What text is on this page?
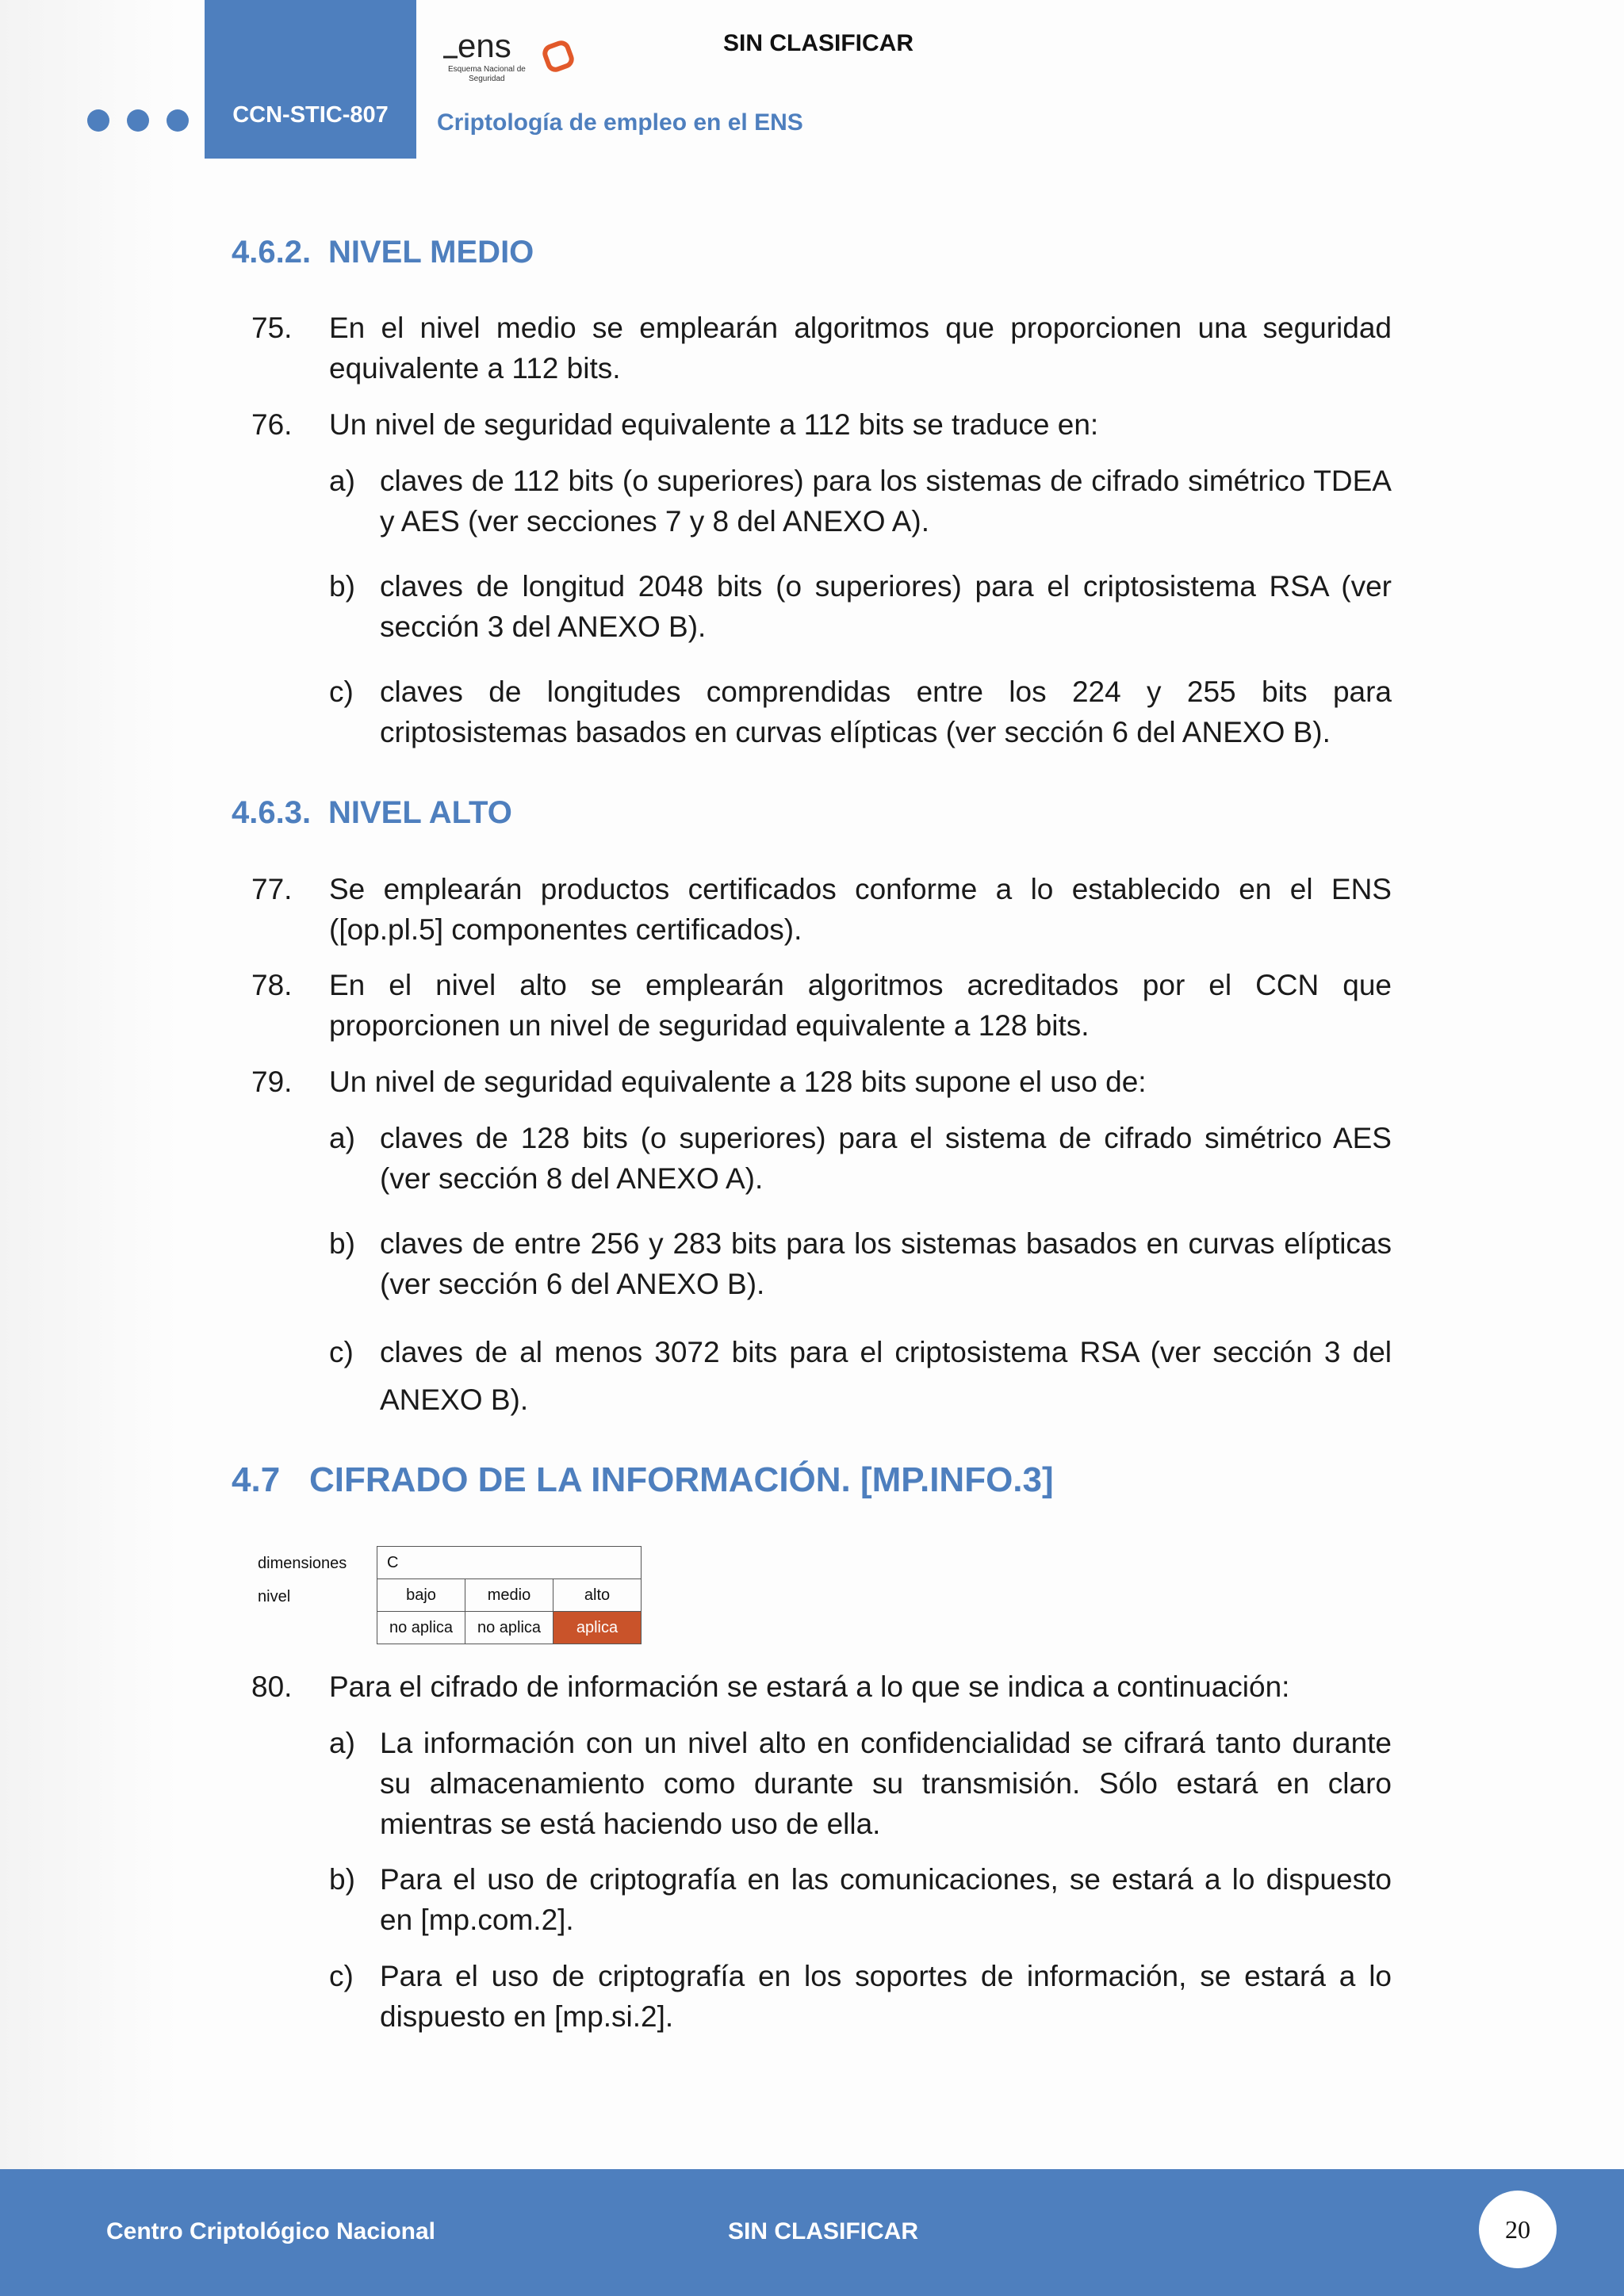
CCN-STIC-807
ens
Esquema Nacional de
Seguridad
SIN CLASIFICAR
Criptología de empleo en el ENS
4.6.2. NIVEL MEDIO
75. En el nivel medio se emplearán algoritmos que proporcionen una seguridad equivalente a 112 bits.
76. Un nivel de seguridad equivalente a 112 bits se traduce en:
a) claves de 112 bits (o superiores) para los sistemas de cifrado simétrico TDEA y AES (ver secciones 7 y 8 del ANEXO A).
b) claves de longitud 2048 bits (o superiores) para el criptosistema RSA (ver sección 3 del ANEXO B).
c) claves de longitudes comprendidas entre los 224 y 255 bits para criptosistemas basados en curvas elípticas (ver sección 6 del ANEXO B).
4.6.3. NIVEL ALTO
77. Se emplearán productos certificados conforme a lo establecido en el ENS ([op.pl.5] componentes certificados).
78. En el nivel alto se emplearán algoritmos acreditados por el CCN que proporcionen un nivel de seguridad equivalente a 128 bits.
79. Un nivel de seguridad equivalente a 128 bits supone el uso de:
a) claves de 128 bits (o superiores) para el sistema de cifrado simétrico AES (ver sección 8 del ANEXO A).
b) claves de entre 256 y 283 bits para los sistemas basados en curvas elípticas (ver sección 6 del ANEXO B).
c) claves de al menos 3072 bits para el criptosistema RSA (ver sección 3 del ANEXO B).
4.7 CIFRADO DE LA INFORMACIÓN. [MP.INFO.3]
dimensiones
nivel
C		
bajo	medio	alto
no aplica	no aplica	aplica
80. Para el cifrado de información se estará a lo que se indica a continuación:
a) La información con un nivel alto en confidencialidad se cifrará tanto durante su almacenamiento como durante su transmisión. Sólo estará en claro mientras se está haciendo uso de ella.
b) Para el uso de criptografía en las comunicaciones, se estará a lo dispuesto en [mp.com.2].
c) Para el uso de criptografía en los soportes de información, se estará a lo dispuesto en [mp.si.2].
Centro Criptológico Nacional	SIN CLASIFICAR	20
